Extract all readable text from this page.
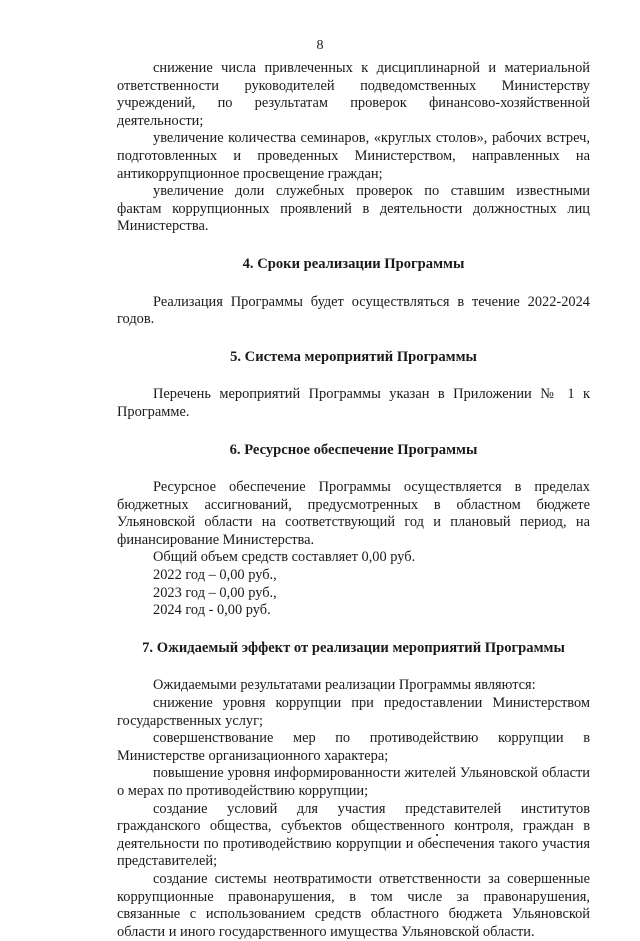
8

снижение числа привлеченных к дисциплинарной и материальной ответственности руководителей подведомственных Министерству учреждений, по результатам проверок финансово-хозяйственной деятельности;

увеличение количества семинаров, «круглых столов», рабочих встреч, подготовленных и проведенных Министерством, направленных на антикоррупционное просвещение граждан;

увеличение доли служебных проверок по ставшим известными фактам коррупционных проявлений в деятельности должностных лиц Министерства.

4. Сроки реализации Программы

Реализация Программы будет осуществляться в течение 2022-2024 годов.

5. Система мероприятий Программы

Перечень мероприятий Программы указан в Приложении № 1 к Программе.

6. Ресурсное обеспечение Программы

Ресурсное обеспечение Программы осуществляется в пределах бюджетных ассигнований, предусмотренных в областном бюджете Ульяновской области на соответствующий год и плановый период, на финансирование Министерства.

Общий объем средств составляет 0,00 руб.

2022 год – 0,00 руб.,

2023 год – 0,00 руб.,

2024 год - 0,00 руб.

7. Ожидаемый эффект от реализации мероприятий Программы

Ожидаемыми результатами реализации Программы являются:

снижение уровня коррупции при предоставлении Министерством государственных услуг;

совершенствование мер по противодействию коррупции в Министерстве организационного характера;

повышение уровня информированности жителей Ульяновской области о мерах по противодействию коррупции;

создание условий для участия представителей институтов гражданского общества, субъектов общественного контроля, граждан в деятельности по противодействию коррупции и обеспечения такого участия представителей;

создание системы неотвратимости ответственности за совершенные коррупционные правонарушения, в том числе за правонарушения, связанные с использованием средств областного бюджета Ульяновской области и иного государственного имущества Ульяновской области.
